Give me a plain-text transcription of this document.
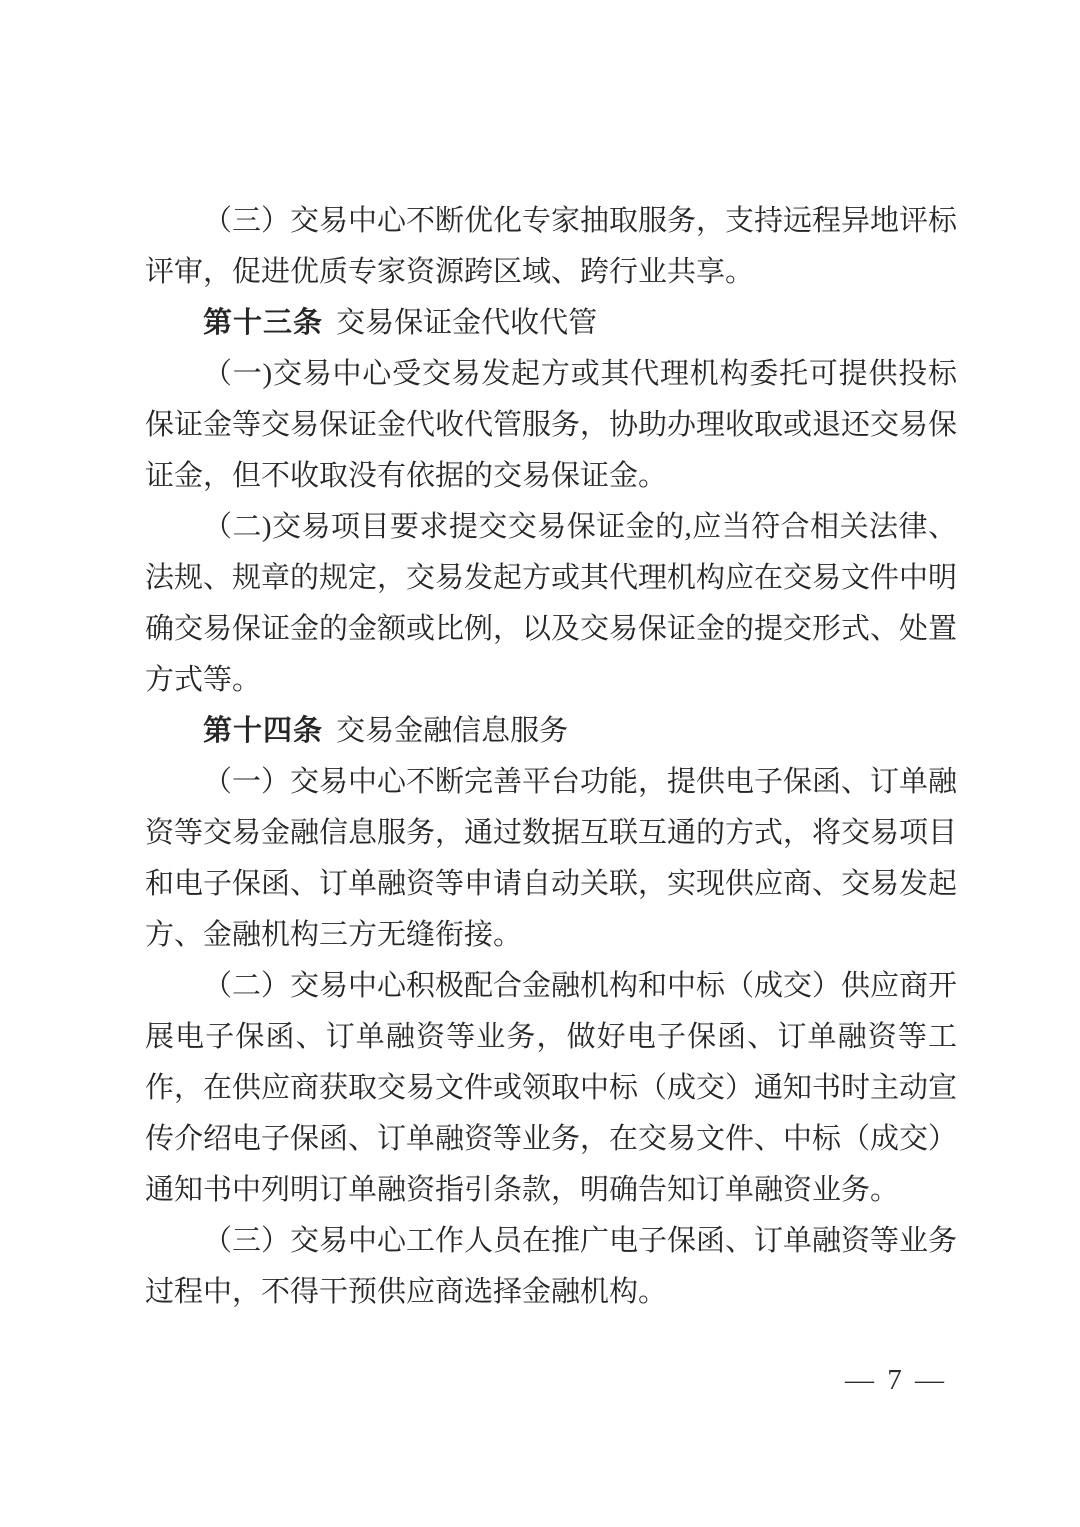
（三）交易中心不断优化专家抽取服务，支持远程异地评标评审，促进优质专家资源跨区域、跨行业共享。

第十三条 交易保证金代收代管

（一)交易中心受交易发起方或其代理机构委托可提供投标保证金等交易保证金代收代管服务，协助办理收取或退还交易保证金，但不收取没有依据的交易保证金。

（二)交易项目要求提交交易保证金的,应当符合相关法律、法规、规章的规定，交易发起方或其代理机构应在交易文件中明确交易保证金的金额或比例，以及交易保证金的提交形式、处置方式等。

第十四条 交易金融信息服务

（一）交易中心不断完善平台功能，提供电子保函、订单融资等交易金融信息服务，通过数据互联互通的方式，将交易项目和电子保函、订单融资等申请自动关联，实现供应商、交易发起方、金融机构三方无缝衔接。

（二）交易中心积极配合金融机构和中标（成交）供应商开展电子保函、订单融资等业务，做好电子保函、订单融资等工作，在供应商获取交易文件或领取中标（成交）通知书时主动宣传介绍电子保函、订单融资等业务，在交易文件、中标（成交）通知书中列明订单融资指引条款，明确告知订单融资业务。

（三）交易中心工作人员在推广电子保函、订单融资等业务过程中，不得干预供应商选择金融机构。

— 7 —
